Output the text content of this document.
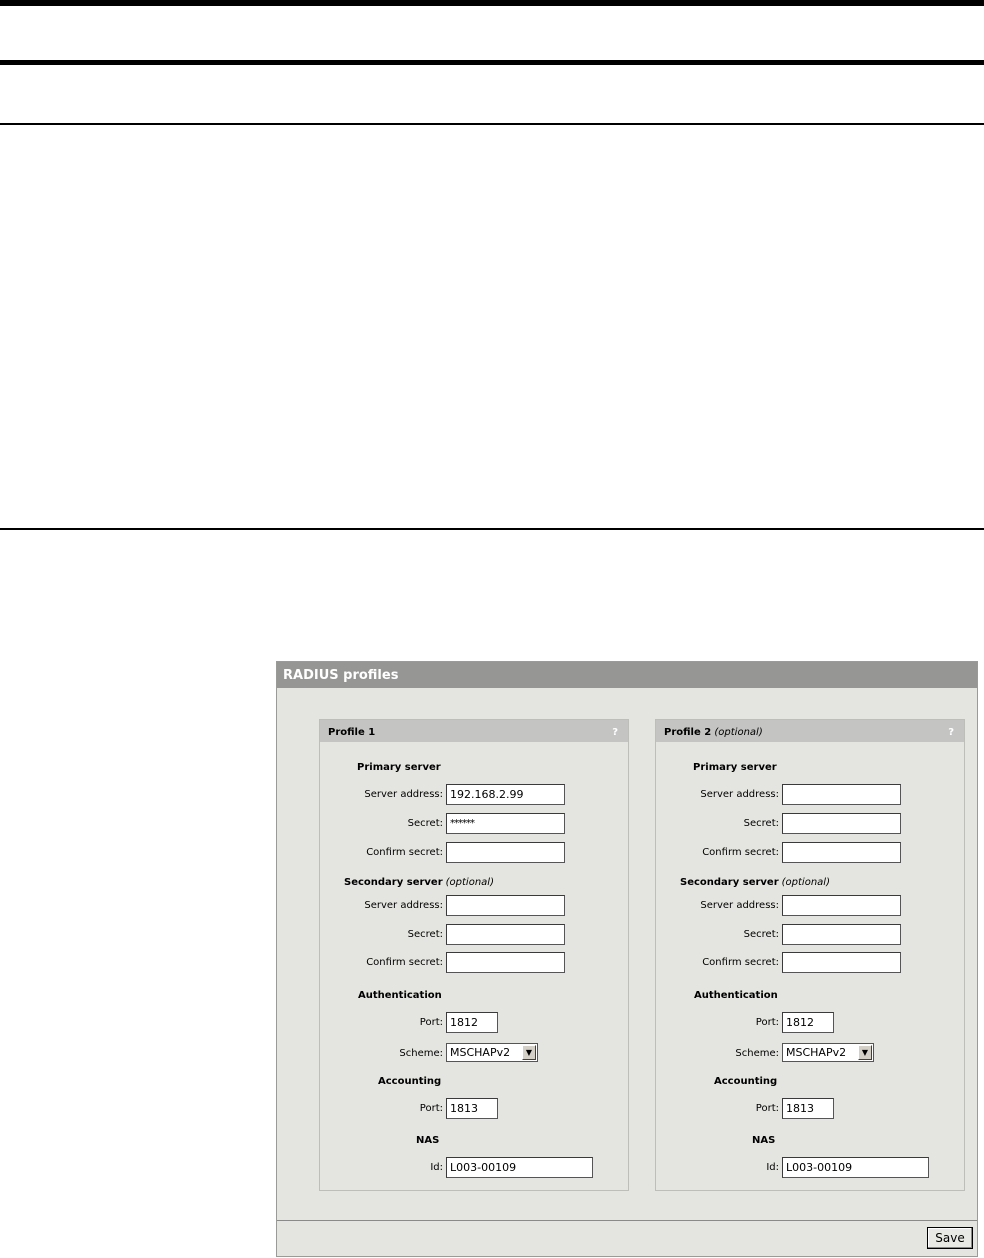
RADIUS profiles
Profile 1	?
Primary server
Server address:
192.168.2.99
Secret:
******
Confirm secret:
Secondary server (optional)
Server address:
Secret:
Confirm secret:
Authentication
Port:
1812
Scheme: MSCHAPv2	▼
Accounting
Port:
1813
NAS
Id:
L003-00109
Profile 2 (optional)	?
Primary server
Server address:
Secret:
Confirm secret:
Secondary server (optional)
Server address:
Secret:
Confirm secret:
Authentication
Port:
1812
Scheme: MSCHAPv2	▼
Accounting
Port:
1813
NAS
Id:
L003-00109
Save
